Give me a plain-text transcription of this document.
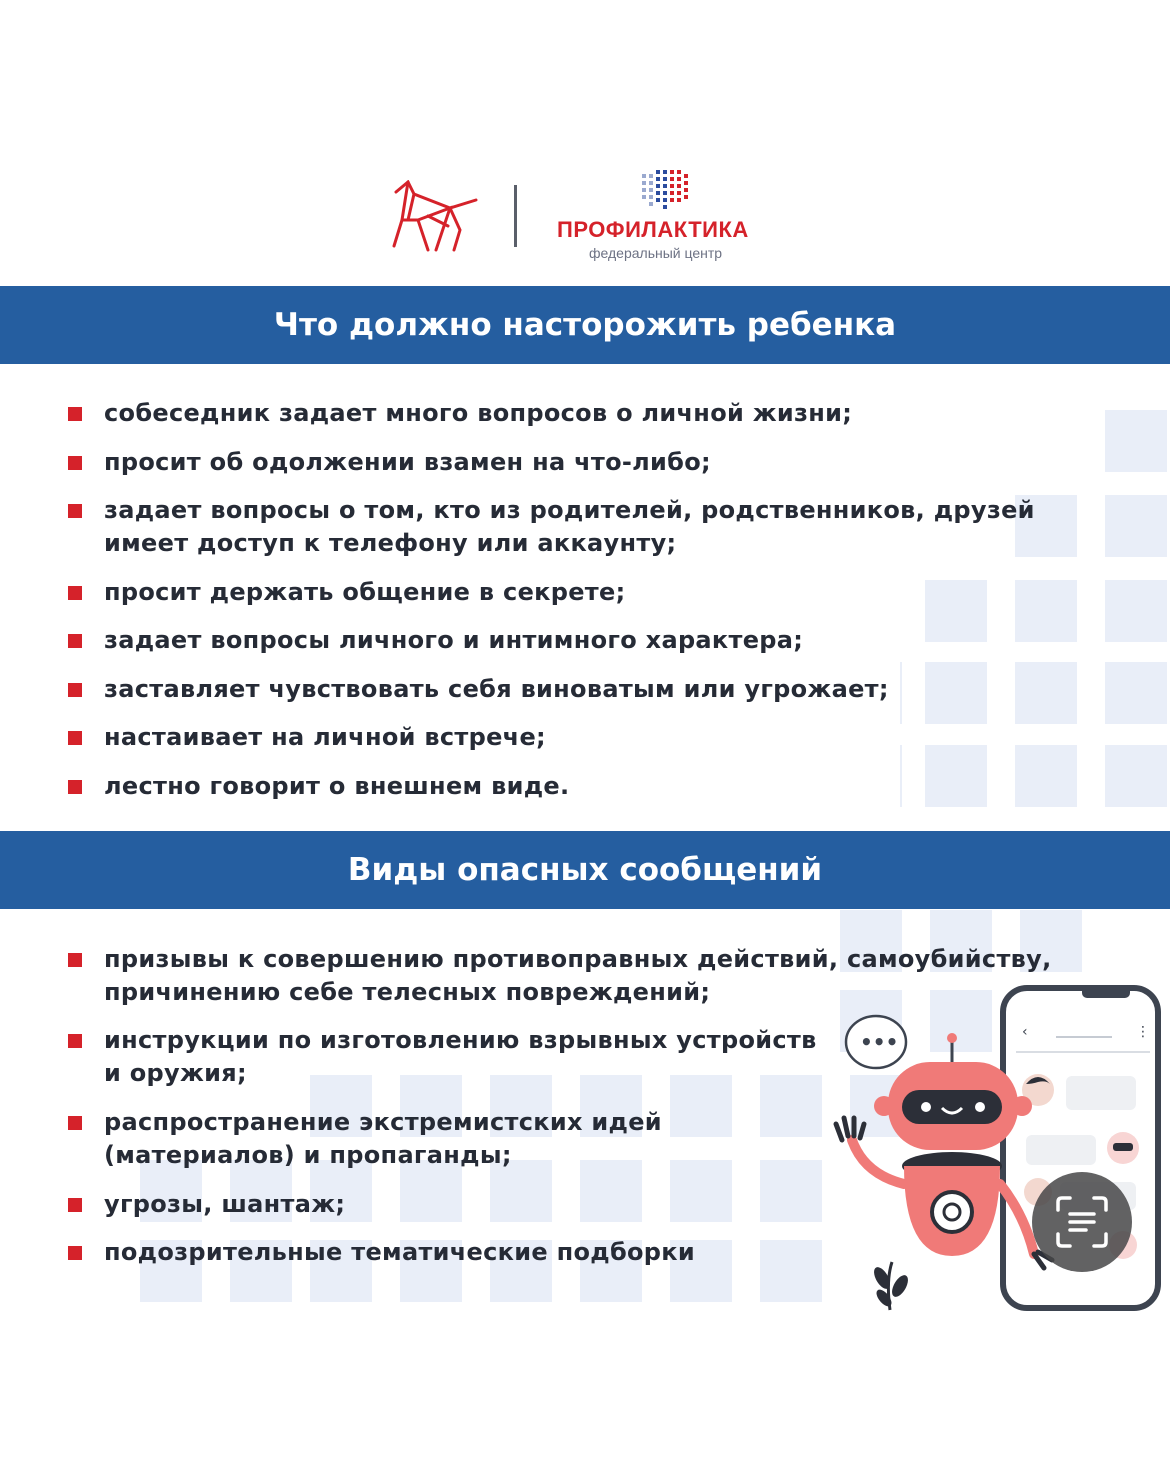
ПРОФИЛАКТИКА
федеральный центр
Что должно насторожить ребенка
собеседник задает много вопросов о личной жизни;
просит об одолжении взамен на что-либо;
задает вопросы о том, кто из родителей, родственников, друзей
имеет доступ к телефону или аккаунту;
просит держать общение в секрете;
задает вопросы личного и интимного характера;
заставляет чувствовать себя виноватым или угрожает;
настаивает на личной встрече;
лестно говорит о внешнем виде.
Виды опасных сообщений
призывы к совершению противоправных действий, самоубийству,
причинению себе телесных повреждений;
инструкции по изготовлению взрывных устройств
и оружия;
распространение экстремистских идей
(материалов) и пропаганды;
угрозы, шантаж;
подозрительные тематические подборки
‹	⋮
•••
